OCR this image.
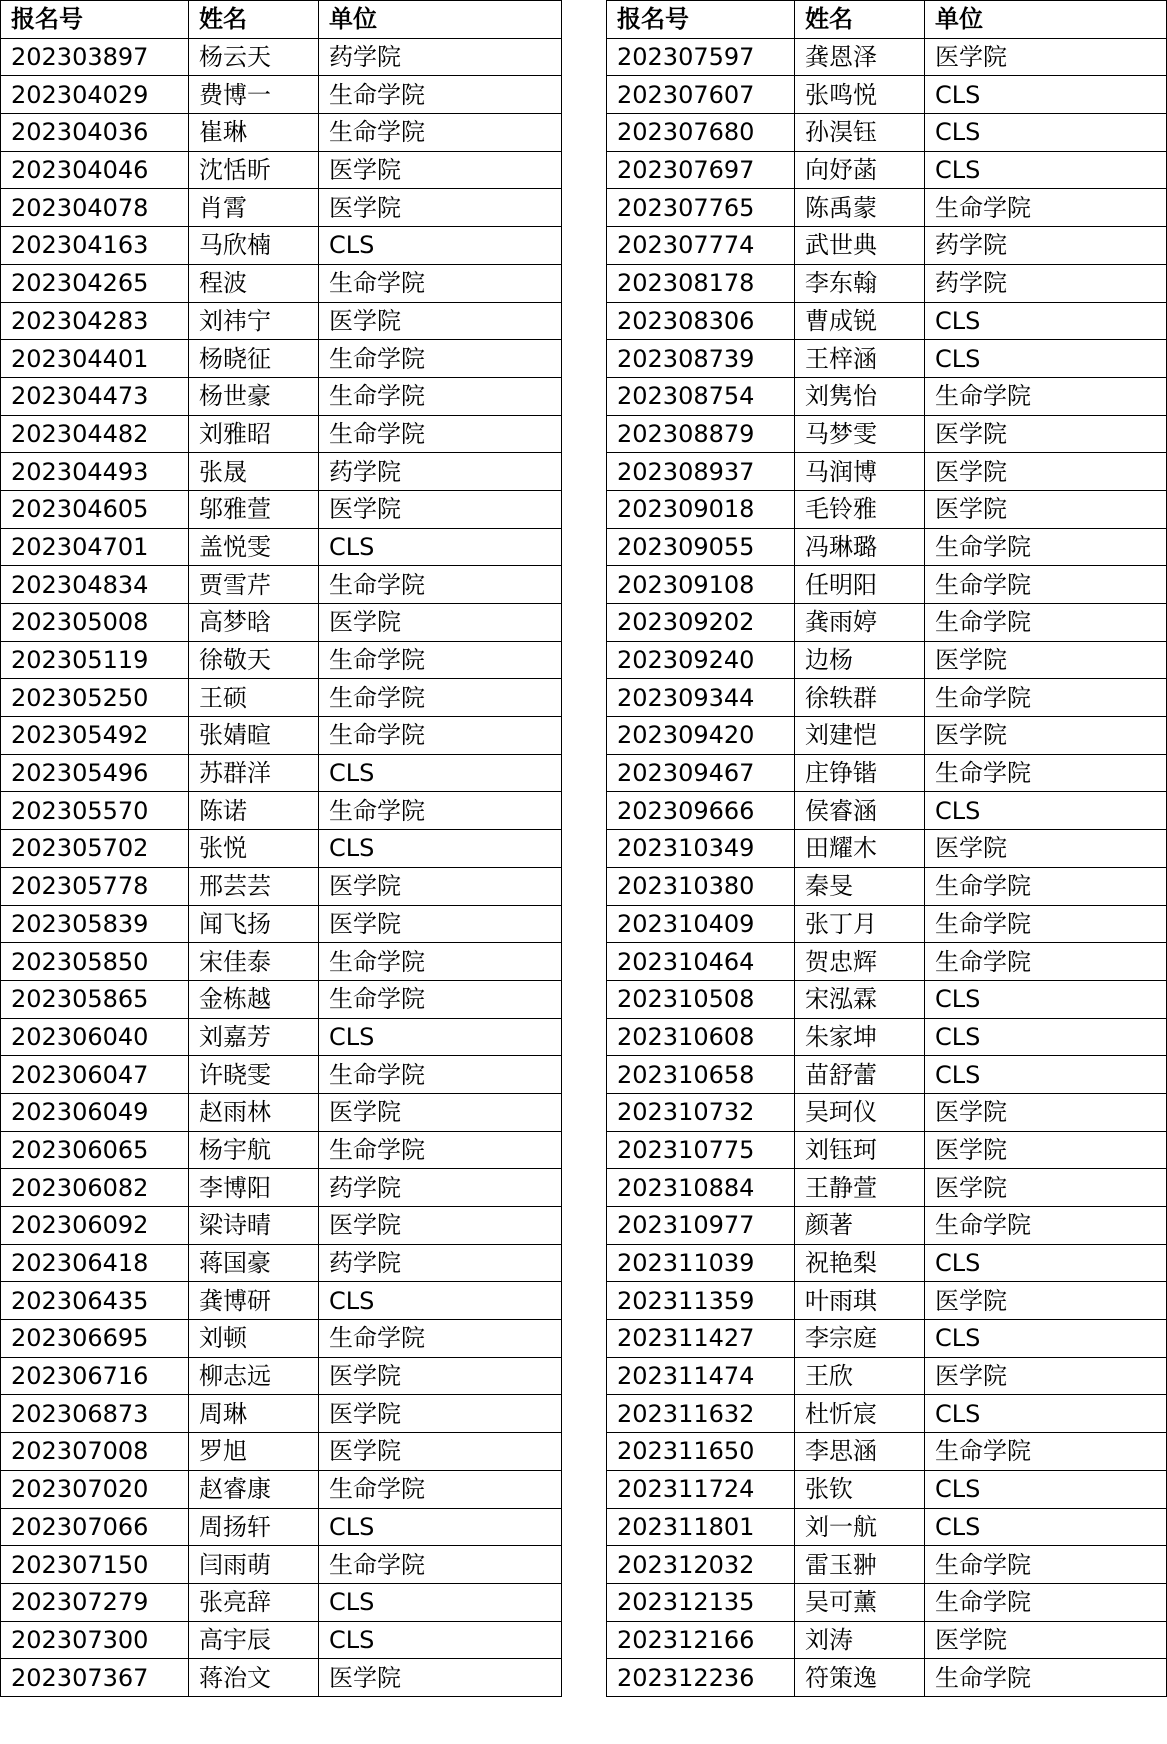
报名号	姓名	单位
202303897	杨云天	药学院
202304029	费博一	生命学院
202304036	崔琳	生命学院
202304046	沈恬昕	医学院
202304078	肖霄	医学院
202304163	马欣楠	CLS
202304265	程波	生命学院
202304283	刘祎宁	医学院
202304401	杨晓征	生命学院
202304473	杨世豪	生命学院
202304482	刘雅昭	生命学院
202304493	张晟	药学院
202304605	邬雅萱	医学院
202304701	盖悦雯	CLS
202304834	贾雪芹	生命学院
202305008	高梦晗	医学院
202305119	徐敬天	生命学院
202305250	王硕	生命学院
202305492	张婧暄	生命学院
202305496	苏群洋	CLS
202305570	陈诺	生命学院
202305702	张悦	CLS
202305778	邢芸芸	医学院
202305839	闻飞扬	医学院
202305850	宋佳泰	生命学院
202305865	金栋越	生命学院
202306040	刘嘉芳	CLS
202306047	许晓雯	生命学院
202306049	赵雨林	医学院
202306065	杨宇航	生命学院
202306082	李博阳	药学院
202306092	梁诗晴	医学院
202306418	蒋国豪	药学院
202306435	龚博研	CLS
202306695	刘顿	生命学院
202306716	柳志远	医学院
202306873	周琳	医学院
202307008	罗旭	医学院
202307020	赵睿康	生命学院
202307066	周扬轩	CLS
202307150	闫雨萌	生命学院
202307279	张亮辞	CLS
202307300	高宇辰	CLS
202307367	蒋治文	医学院
报名号	姓名	单位
202307597	龚恩泽	医学院
202307607	张鸣悦	CLS
202307680	孙淏钰	CLS
202307697	向妤菡	CLS
202307765	陈禹蒙	生命学院
202307774	武世典	药学院
202308178	李东翰	药学院
202308306	曹成锐	CLS
202308739	王梓涵	CLS
202308754	刘隽怡	生命学院
202308879	马梦雯	医学院
202308937	马润博	医学院
202309018	毛铃雅	医学院
202309055	冯琳璐	生命学院
202309108	任明阳	生命学院
202309202	龚雨婷	生命学院
202309240	边杨	医学院
202309344	徐轶群	生命学院
202309420	刘建恺	医学院
202309467	庄铮锴	生命学院
202309666	侯睿涵	CLS
202310349	田耀木	医学院
202310380	秦旻	生命学院
202310409	张丁月	生命学院
202310464	贺忠辉	生命学院
202310508	宋泓霖	CLS
202310608	朱家坤	CLS
202310658	苗舒蕾	CLS
202310732	吴珂仪	医学院
202310775	刘钰珂	医学院
202310884	王静萱	医学院
202310977	颜著	生命学院
202311039	祝艳梨	CLS
202311359	叶雨琪	医学院
202311427	李宗庭	CLS
202311474	王欣	医学院
202311632	杜忻宸	CLS
202311650	李思涵	生命学院
202311724	张钦	CLS
202311801	刘一航	CLS
202312032	雷玉翀	生命学院
202312135	吴可薰	生命学院
202312166	刘涛	医学院
202312236	符策逸	生命学院
